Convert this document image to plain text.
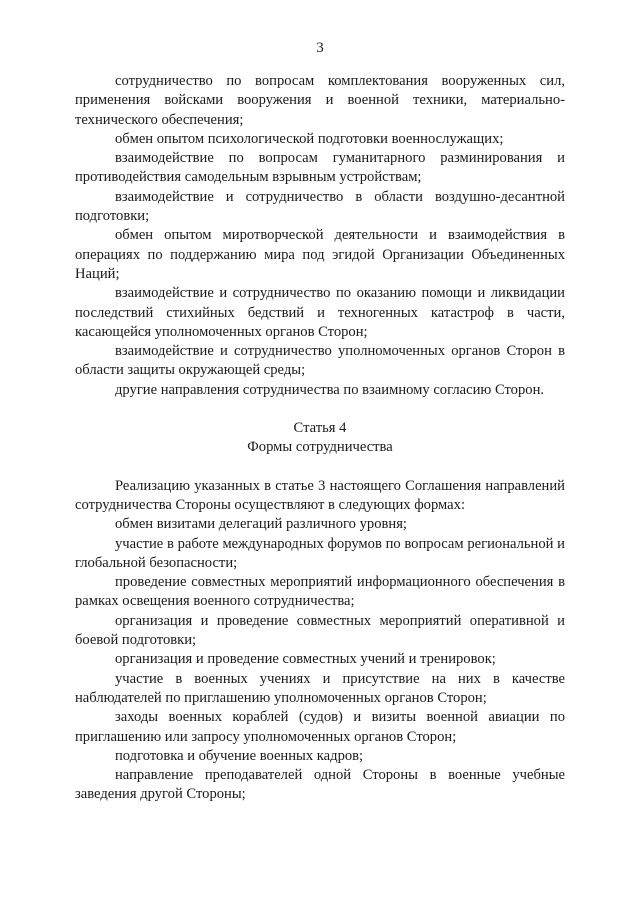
3

сотрудничество по вопросам комплектования вооруженных сил, применения войсками вооружения и военной техники, материально-технического обеспечения;

обмен опытом психологической подготовки военнослужащих;

взаимодействие по вопросам гуманитарного разминирования и противодействия самодельным взрывным устройствам;

взаимодействие и сотрудничество в области воздушно-десантной подготовки;

обмен опытом миротворческой деятельности и взаимодействия в операциях по поддержанию мира под эгидой Организации Объединенных Наций;

взаимодействие и сотрудничество по оказанию помощи и ликвидации последствий стихийных бедствий и техногенных катастроф в части, касающейся уполномоченных органов Сторон;

взаимодействие и сотрудничество уполномоченных органов Сторон в области защиты окружающей среды;

другие направления сотрудничества по взаимному согласию Сторон.

Статья 4

Формы сотрудничества

Реализацию указанных в статье 3 настоящего Соглашения направлений сотрудничества Стороны осуществляют в следующих формах:

обмен визитами делегаций различного уровня;

участие в работе международных форумов по вопросам региональной и глобальной безопасности;

проведение совместных мероприятий информационного обеспечения в рамках освещения военного сотрудничества;

организация и проведение совместных мероприятий оперативной и боевой подготовки;

организация и проведение совместных учений и тренировок;

участие в военных учениях и присутствие на них в качестве наблюдателей по приглашению уполномоченных органов Сторон;

заходы военных кораблей (судов) и визиты военной авиации по приглашению или запросу уполномоченных органов Сторон;

подготовка и обучение военных кадров;

направление преподавателей одной Стороны в военные учебные заведения другой Стороны;
